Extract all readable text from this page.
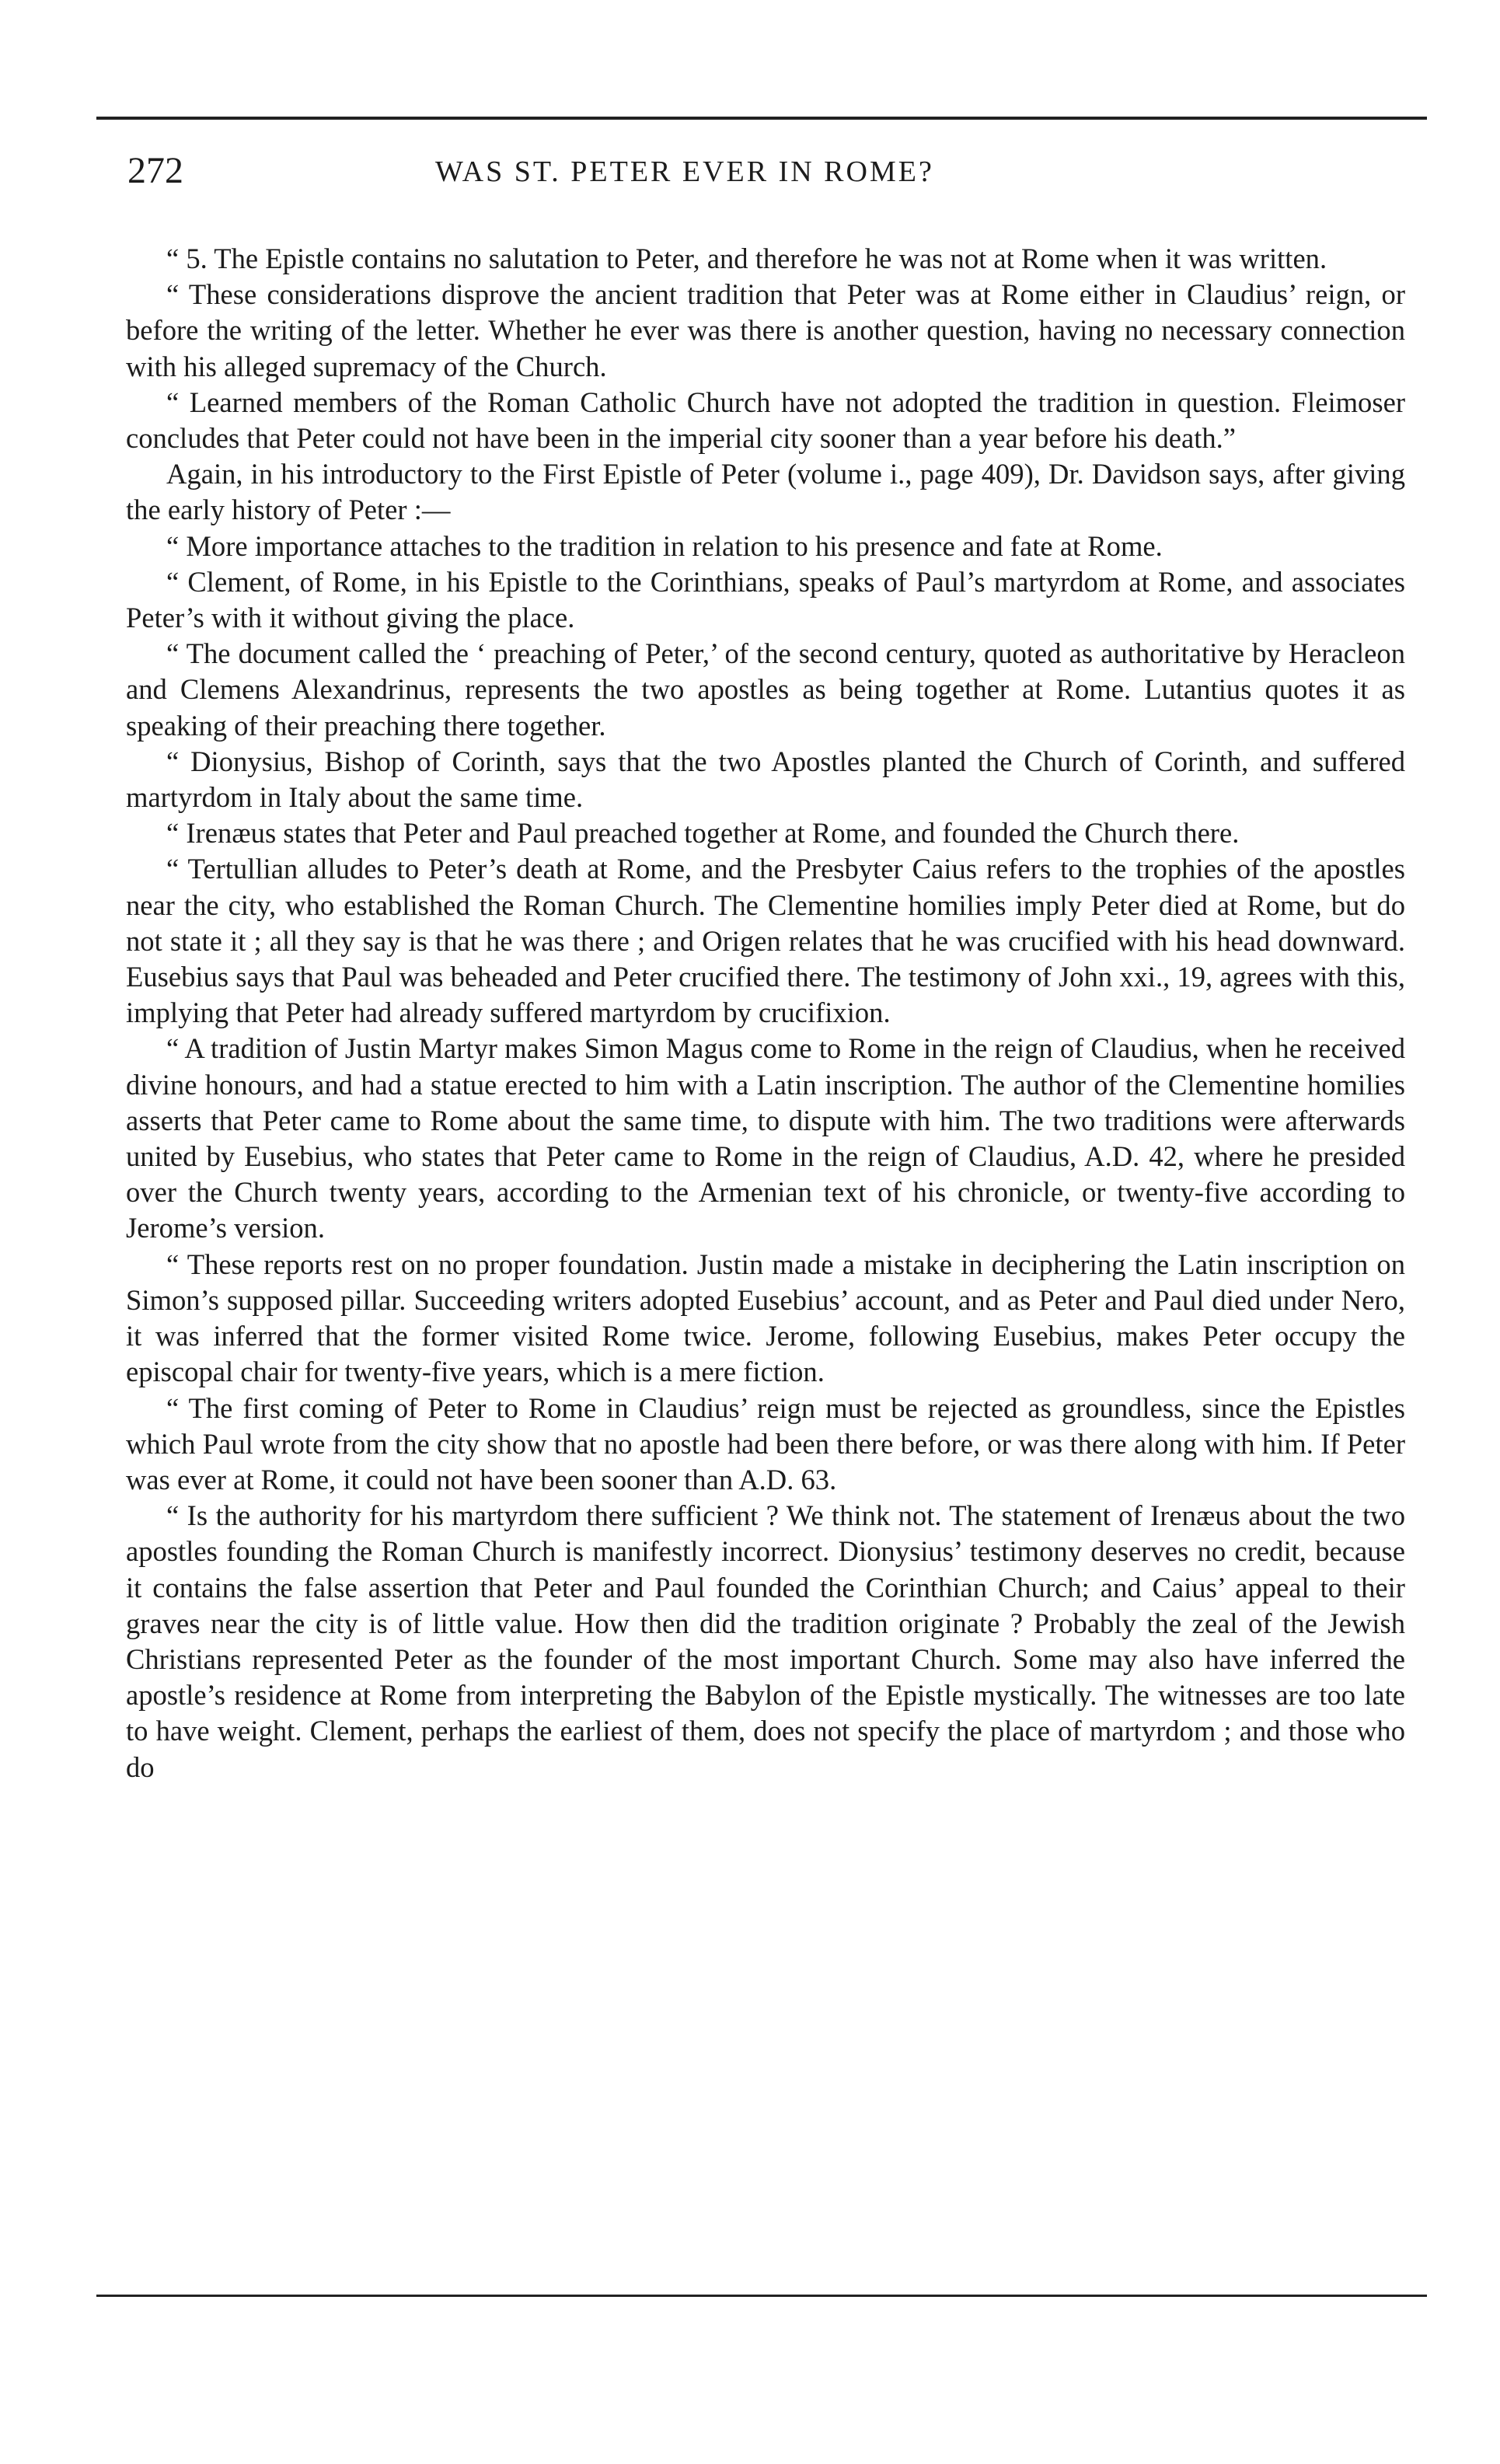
272	WAS ST. PETER EVER IN ROME?

“ 5. The Epistle contains no salutation to Peter, and therefore he was not at Rome when it was written.

“ These considerations disprove the ancient tradition that Peter was at Rome either in Claudius’ reign, or before the writing of the letter. Whether he ever was there is another question, having no necessary connection with his alleged supremacy of the Church.

“ Learned members of the Roman Catholic Church have not adopted the tradition in question. Fleimoser concludes that Peter could not have been in the imperial city sooner than a year before his death.”

Again, in his introductory to the First Epistle of Peter (volume i., page 409), Dr. Davidson says, after giving the early history of Peter :—

“ More importance attaches to the tradition in relation to his presence and fate at Rome.

“ Clement, of Rome, in his Epistle to the Corinthians, speaks of Paul’s martyrdom at Rome, and associates Peter’s with it without giving the place.

“ The document called the ‘ preaching of Peter,’ of the second century, quoted as authoritative by Heracleon and Clemens Alexandrinus, represents the two apostles as being together at Rome. Lutantius quotes it as speaking of their preaching there together.

“ Dionysius, Bishop of Corinth, says that the two Apostles planted the Church of Corinth, and suffered martyrdom in Italy about the same time.

“ Irenæus states that Peter and Paul preached together at Rome, and founded the Church there.

“ Tertullian alludes to Peter’s death at Rome, and the Presbyter Caius refers to the trophies of the apostles near the city, who established the Roman Church. The Clementine homilies imply Peter died at Rome, but do not state it ; all they say is that he was there ; and Origen relates that he was crucified with his head downward. Eusebius says that Paul was beheaded and Peter crucified there. The testimony of John xxi., 19, agrees with this, implying that Peter had already suffered martyrdom by crucifixion.

“ A tradition of Justin Martyr makes Simon Magus come to Rome in the reign of Claudius, when he received divine honours, and had a statue erected to him with a Latin inscription. The author of the Clementine homilies asserts that Peter came to Rome about the same time, to dispute with him. The two traditions were afterwards united by Eusebius, who states that Peter came to Rome in the reign of Claudius, A.D. 42, where he presided over the Church twenty years, according to the Armenian text of his chronicle, or twenty-five according to Jerome’s version.

“ These reports rest on no proper foundation. Justin made a mistake in deciphering the Latin inscription on Simon’s supposed pillar. Succeeding writers adopted Eusebius’ account, and as Peter and Paul died under Nero, it was inferred that the former visited Rome twice. Jerome, following Eusebius, makes Peter occupy the episcopal chair for twenty-five years, which is a mere fiction.

“ The first coming of Peter to Rome in Claudius’ reign must be rejected as groundless, since the Epistles which Paul wrote from the city show that no apostle had been there before, or was there along with him. If Peter was ever at Rome, it could not have been sooner than A.D. 63.

“ Is the authority for his martyrdom there sufficient ? We think not. The statement of Irenæus about the two apostles founding the Roman Church is manifestly incorrect. Dionysius’ testimony deserves no credit, because it contains the false assertion that Peter and Paul founded the Corinthian Church; and Caius’ appeal to their graves near the city is of little value. How then did the tradition originate ? Probably the zeal of the Jewish Christians represented Peter as the founder of the most important Church. Some may also have inferred the apostle’s residence at Rome from interpreting the Babylon of the Epistle mystically. The witnesses are too late to have weight. Clement, perhaps the earliest of them, does not specify the place of martyrdom ; and those who do
